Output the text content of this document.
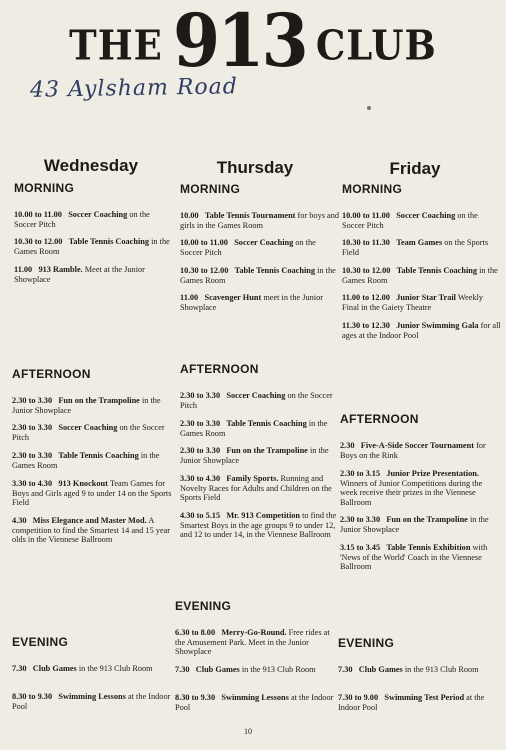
THE 913 CLUB
43 Aylsham Road
Wednesday	Thursday	Friday
MORNING
10.00 to 11.00 Soccer Coaching on the Soccer Pitch
10.30 to 12.00 Table Tennis Coaching in the Games Room
11.00 913 Ramble. Meet at the Junior Showplace
AFTERNOON
2.30 to 3.30 Fun on the Trampoline in the Junior Showplace
2.30 to 3.30 Soccer Coaching on the Soccer Pitch
2.30 to 3.30 Table Tennis Coaching in the Games Room
3.30 to 4.30 913 Knockout Team Games for Boys and Girls aged 9 to under 14 on the Sports Field
4.30 Miss Elegance and Master Mod. A competition to find the Smartest 14 and 15 year olds in the Viennese Ballroom
EVENING
7.30 Club Games in the 913 Club Room
8.30 to 9.30 Swimming Lessons at the Indoor Pool
MORNING
10.00 Table Tennis Tournament for boys and girls in the Games Room
10.00 to 11.00 Soccer Coaching on the Soccer Pitch
10.30 to 12.00 Table Tennis Coaching in the Games Room
11.00 Scavenger Hunt meet in the Junior Showplace
AFTERNOON
2.30 to 3.30 Soccer Coaching on the Soccer Pitch
2.30 to 3.30 Table Tennis Coaching in the Games Room
2.30 to 3.30 Fun on the Trampoline in the Junior Showplace
3.30 to 4.30 Family Sports. Running and Novelty Races for Adults and Children on the Sports Field
4.30 to 5.15 Mr. 913 Competition to find the Smartest Boys in the age groups 9 to under 12, and 12 to under 14, in the Viennese Ballroom
EVENING
6.30 to 8.00 Merry-Go-Round. Free rides at the Amusement Park. Meet in the Junior Showplace
7.30 Club Games in the 913 Club Room
8.30 to 9.30 Swimming Lessons at the Indoor Pool
MORNING
10.00 to 11.00 Soccer Coaching on the Soccer Pitch
10.30 to 11.30 Team Games on the Sports Field
10.30 to 12.00 Table Tennis Coaching in the Games Room
11.00 to 12.00 Junior Star Trail Weekly Final in the Gaiety Theatre
11.30 to 12.30 Junior Swimming Gala for all ages at the Indoor Pool
AFTERNOON
2.30 Five-A-Side Soccer Tournament for Boys on the Rink
2.30 to 3.15 Junior Prize Presentation. Winners of Junior Competitions during the week receive their prizes in the Viennese Ballroom
2.30 to 3.30 Fun on the Trampoline in the Junior Showplace
3.15 to 3.45 Table Tennis Exhibition with 'News of the World' Coach in the Viennese Ballroom
EVENING
7.30 Club Games in the 913 Club Room
7.30 to 9.00 Swimming Test Period at the Indoor Pool
10
